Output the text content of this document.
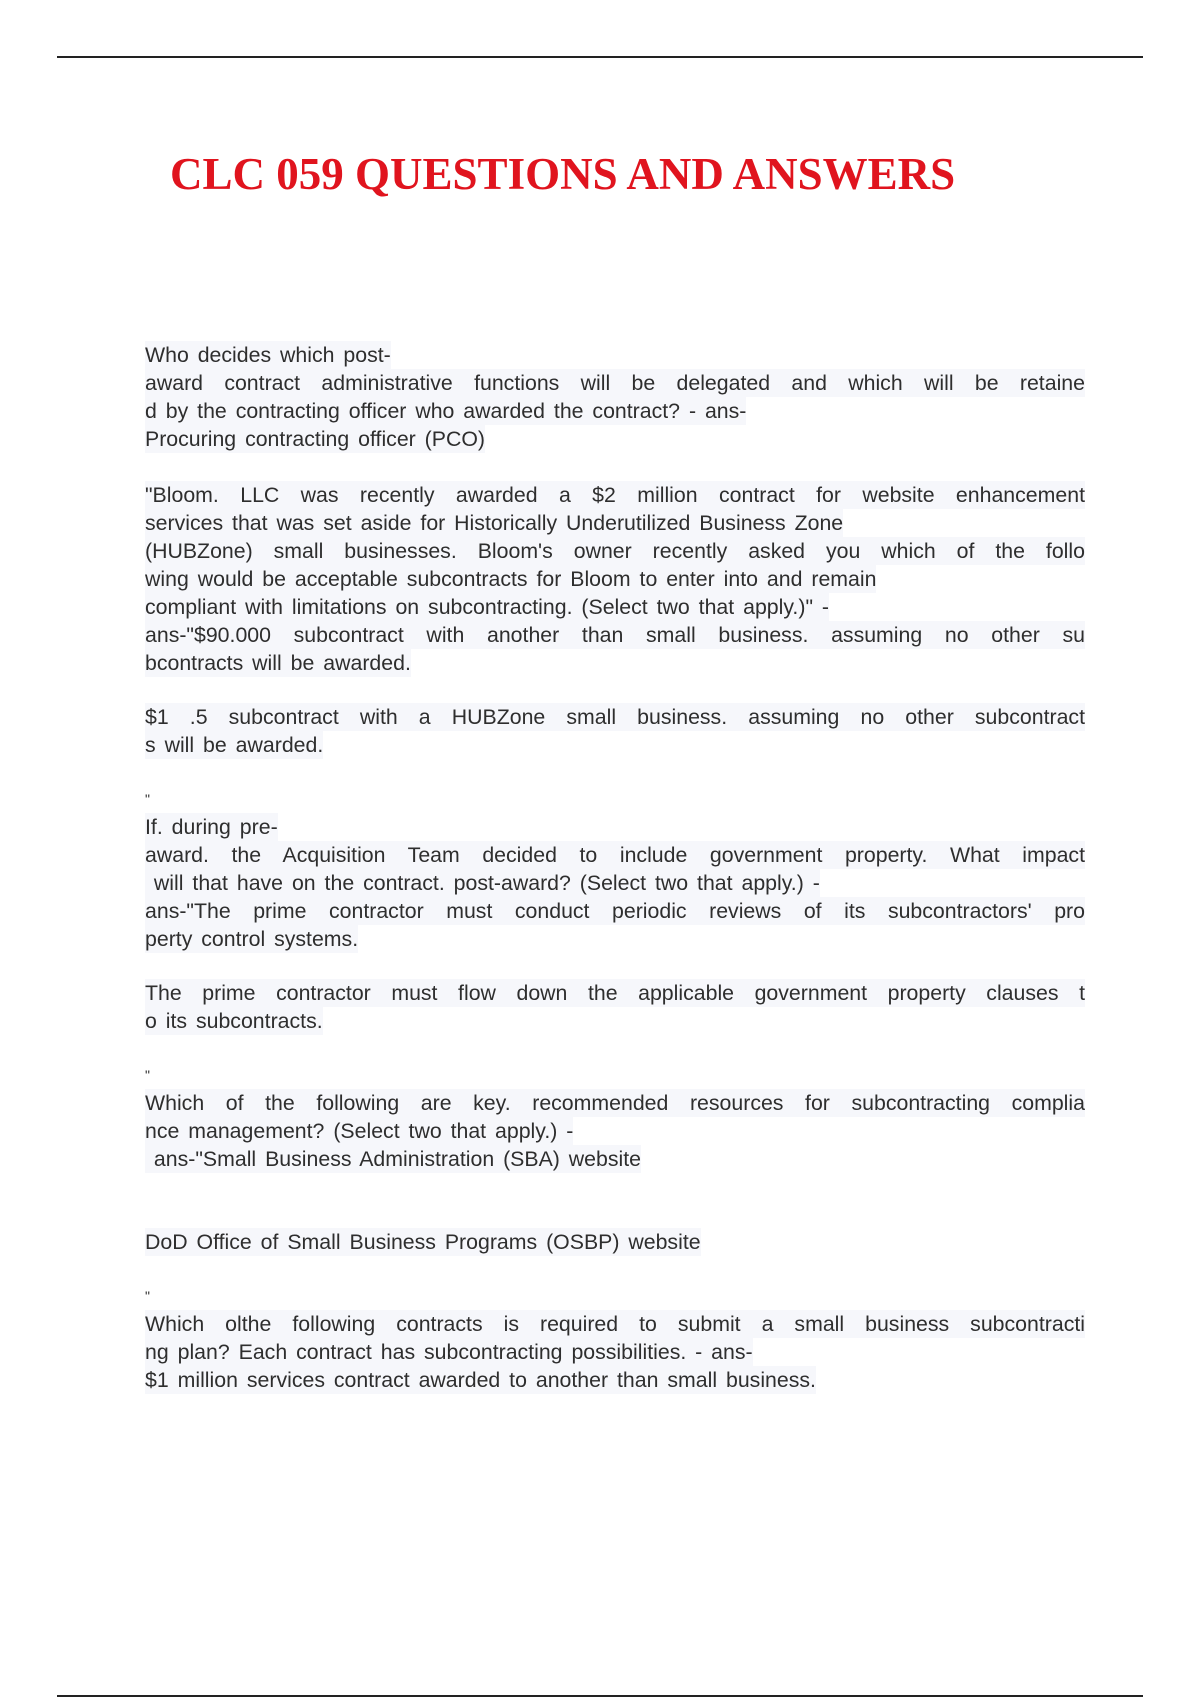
CLC 059 QUESTIONS AND ANSWERS
Who decides which post-
award contract administrative functions will be delegated and which will be retaine
d by the contracting officer who awarded the contract? - ans-
Procuring contracting officer (PCO)
"Bloom. LLC was recently awarded a $2 million contract for website enhancement
services that was set aside for Historically Underutilized Business Zone
(HUBZone) small businesses. Bloom's owner recently asked you which of the follo
wing would be acceptable subcontracts for Bloom to enter into and remain
compliant with limitations on subcontracting. (Select two that apply.)" -
ans-"$90.000 subcontract with another than small business. assuming no other su
bcontracts will be awarded.
$1 .5 subcontract with a HUBZone small business. assuming no other subcontract
s will be awarded.
"
If. during pre-
award. the Acquisition Team decided to include government property. What impact
will that have on the contract. post-award? (Select two that apply.) -
ans-"The prime contractor must conduct periodic reviews of its subcontractors' pro
perty control systems.
The prime contractor must flow down the applicable government property clauses t
o its subcontracts.
"
Which of the following are key. recommended resources for subcontracting complia
nce management? (Select two that apply.) -
ans-"Small Business Administration (SBA) website
DoD Office of Small Business Programs (OSBP) website
"
Which olthe following contracts is required to submit a small business subcontracti
ng plan? Each contract has subcontracting possibilities. - ans-
$1 million services contract awarded to another than small business.
